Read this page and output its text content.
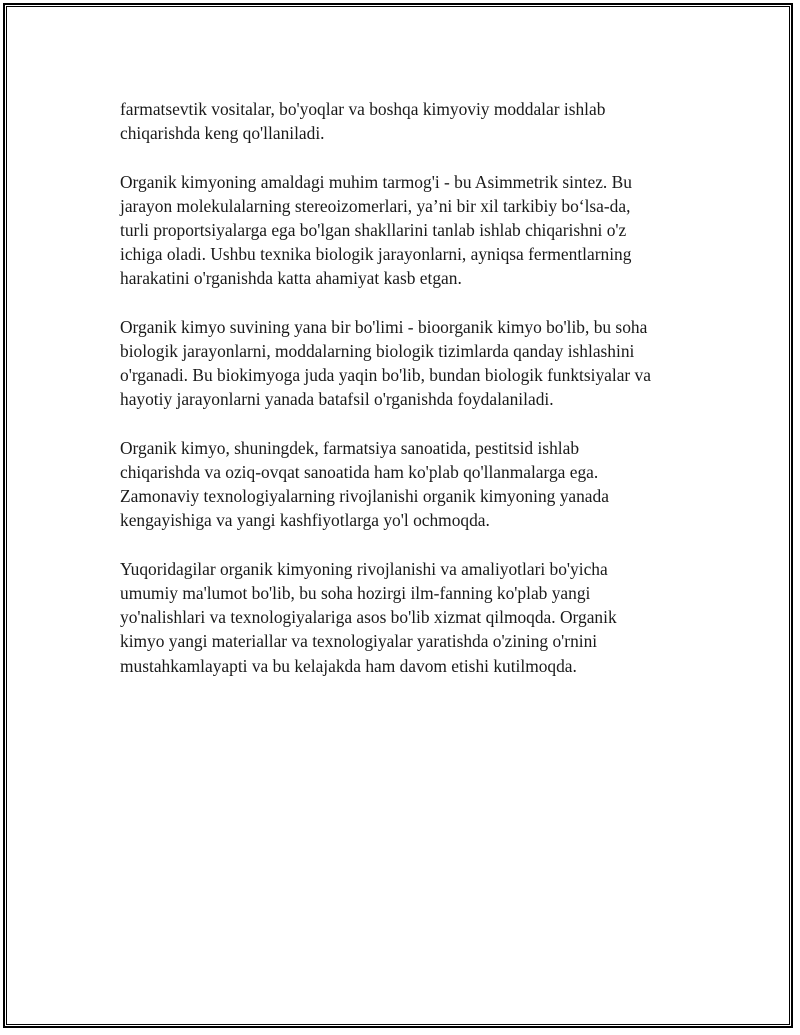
farmatsevtik vositalar, bo'yoqlar va boshqa kimyoviy moddalar ishlab
chiqarishda keng qo'llaniladi.

Organik kimyoning amaldagi muhim tarmog'i - bu Asimmetrik sintez. Bu
jarayon molekulalarning stereoizomerlari, ya’ni bir xil tarkibiy bo‘lsa-da,
turli proportsiyalarga ega bo'lgan shakllarini tanlab ishlab chiqarishni o'z
ichiga oladi. Ushbu texnika biologik jarayonlarni, ayniqsa fermentlarning
harakatini o'rganishda katta ahamiyat kasb etgan.

Organik kimyo suvining yana bir bo'limi - bioorganik kimyo bo'lib, bu soha
biologik jarayonlarni, moddalarning biologik tizimlarda qanday ishlashini
o'rganadi. Bu biokimyoga juda yaqin bo'lib, bundan biologik funktsiyalar va
hayotiy jarayonlarni yanada batafsil o'rganishda foydalaniladi.

Organik kimyo, shuningdek, farmatsiya sanoatida, pestitsid ishlab
chiqarishda va oziq-ovqat sanoatida ham ko'plab qo'llanmalarga ega.
Zamonaviy texnologiyalarning rivojlanishi organik kimyoning yanada
kengayishiga va yangi kashfiyotlarga yo'l ochmoqda.

Yuqoridagilar organik kimyoning rivojlanishi va amaliyotlari bo'yicha
umumiy ma'lumot bo'lib, bu soha hozirgi ilm-fanning ko'plab yangi
yo'nalishlari va texnologiyalariga asos bo'lib xizmat qilmoqda. Organik
kimyo yangi materiallar va texnologiyalar yaratishda o'zining o'rnini
mustahkamlayapti va bu kelajakda ham davom etishi kutilmoqda.
